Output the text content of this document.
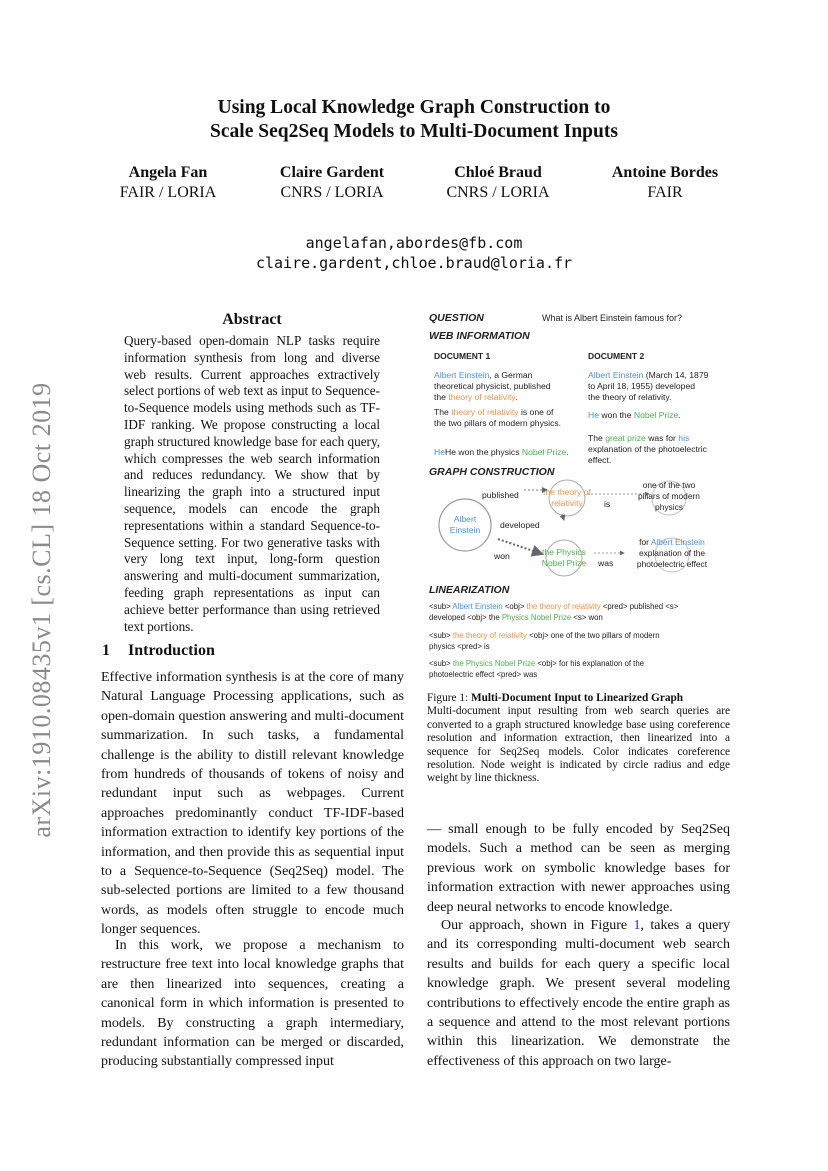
arXiv:1910.08435v1 [cs.CL] 18 Oct 2019
Using Local Knowledge Graph Construction to
Scale Seq2Seq Models to Multi-Document Inputs
Angela Fan
FAIR / LORIA
Claire Gardent
CNRS / LORIA
Chloé Braud
CNRS / LORIA
Antoine Bordes
FAIR
angelafan,abordes@fb.com
claire.gardent,chloe.braud@loria.fr
Abstract

Query-based open-domain NLP tasks require information synthesis from long and diverse web results. Current approaches extractively select portions of web text as input to Sequence-to-Sequence models using methods such as TF-IDF ranking. We propose constructing a local graph structured knowledge base for each query, which compresses the web search information and reduces redundancy. We show that by linearizing the graph into a structured input sequence, models can encode the graph representations within a standard Sequence-to-Sequence setting. For two generative tasks with very long text input, long-form question answering and multi-document summarization, feeding graph representations as input can achieve better performance than using retrieved text portions.

1 Introduction

Effective information synthesis is at the core of many Natural Language Processing applications, such as open-domain question answering and multi-document summarization. In such tasks, a fundamental challenge is the ability to distill relevant knowledge from hundreds of thousands of tokens of noisy and redundant input such as webpages. Current approaches predominantly conduct TF-IDF-based information extraction to identify key portions of the information, and then provide this as sequential input to a Sequence-to-Sequence (Seq2Seq) model. The sub-selected portions are limited to a few thousand words, as models often struggle to encode much longer sequences.

In this work, we propose a mechanism to restructure free text into local knowledge graphs that are then linearized into sequences, creating a canonical form in which information is presented to models. By constructing a graph intermediary, redundant information can be merged or discarded, producing substantially compressed input

QUESTION	What is Albert Einstein famous for?
WEB INFORMATION
DOCUMENT 1	DOCUMENT 2
Albert Einstein, a German
theoretical physicist, published
the theory of relativity.
The theory of relativity is one of
the two pillars of modern physics.
HeHe won the physics Nobel Prize.
Albert Einstein (March 14, 1879
to April 18, 1955) developed
the theory of relativity.
He won the Nobel Prize.
The great prize was for his
explanation of the photoelectric
effect.
GRAPH CONSTRUCTION
Albert
Einstein
the theory of
relativity
the Physics
Nobel Prize
one of the two
pillars of modern
physics
for Albert Einstein
explanation of the
photoelectric effect
published
developed
won
is
was
LINEARIZATION
<sub> Albert Einstein <obj> the theory of relativity <pred> published <s>
developed <obj> the Physics Nobel Prize <s> won
<sub> the theory of relativity <obj> one of the two pillars of modern
physics <pred> is
<sub> the Physics Nobel Prize <obj> for his explanation of the
photoelectric effect <pred> was

Figure 1: Multi-Document Input to Linearized Graph
Multi-document input resulting from web search queries are converted to a graph structured knowledge base using coreference resolution and information extraction, then linearized into a sequence for Seq2Seq models. Color indicates coreference resolution. Node weight is indicated by circle radius and edge weight by line thickness.

— small enough to be fully encoded by Seq2Seq models. Such a method can be seen as merging previous work on symbolic knowledge bases for information extraction with newer approaches using deep neural networks to encode knowledge.

Our approach, shown in Figure 1, takes a query and its corresponding multi-document web search results and builds for each query a specific local knowledge graph. We present several modeling contributions to effectively encode the entire graph as a sequence and attend to the most relevant portions within this linearization. We demonstrate the effectiveness of this approach on two large-
